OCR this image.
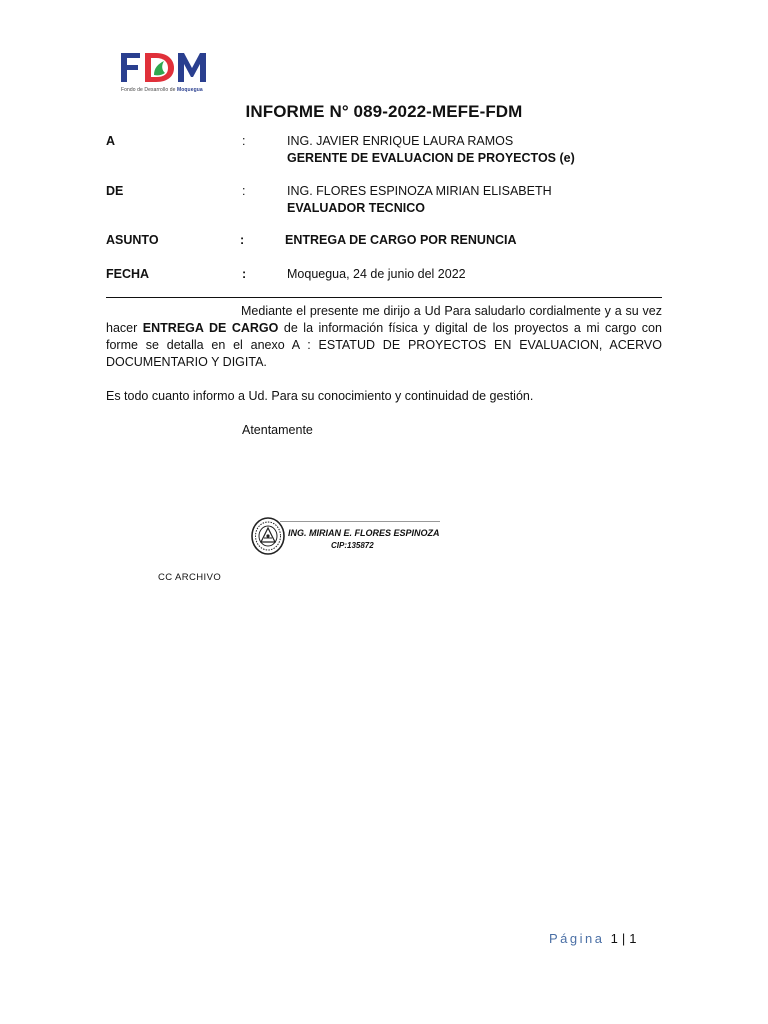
Fondo de Desarrollo de Moquegua
INFORME N° 089-2022-MEFE-FDM
A	:	ING. JAVIER ENRIQUE LAURA RAMOS
GERENTE DE EVALUACION DE PROYECTOS (e)
DE	:	ING. FLORES ESPINOZA MIRIAN ELISABETH
EVALUADOR TECNICO
ASUNTO	:	ENTREGA DE CARGO POR RENUNCIA
FECHA	:	Moquegua, 24 de junio del 2022
Mediante el presente me dirijo a Ud Para saludarlo cordialmente y a su vez
hacer ENTREGA DE CARGO de la información física y digital de los proyectos a mi cargo con
forme se detalla en el anexo A : ESTATUD DE PROYECTOS EN EVALUACION, ACERVO
DOCUMENTARIO Y DIGITA.
Es todo cuanto informo a Ud. Para su conocimiento y continuidad de gestión.
Atentamente
ING. MIRIAN E. FLORES ESPINOZA
CIP:135872
CC ARCHIVO
Página 1 | 1
